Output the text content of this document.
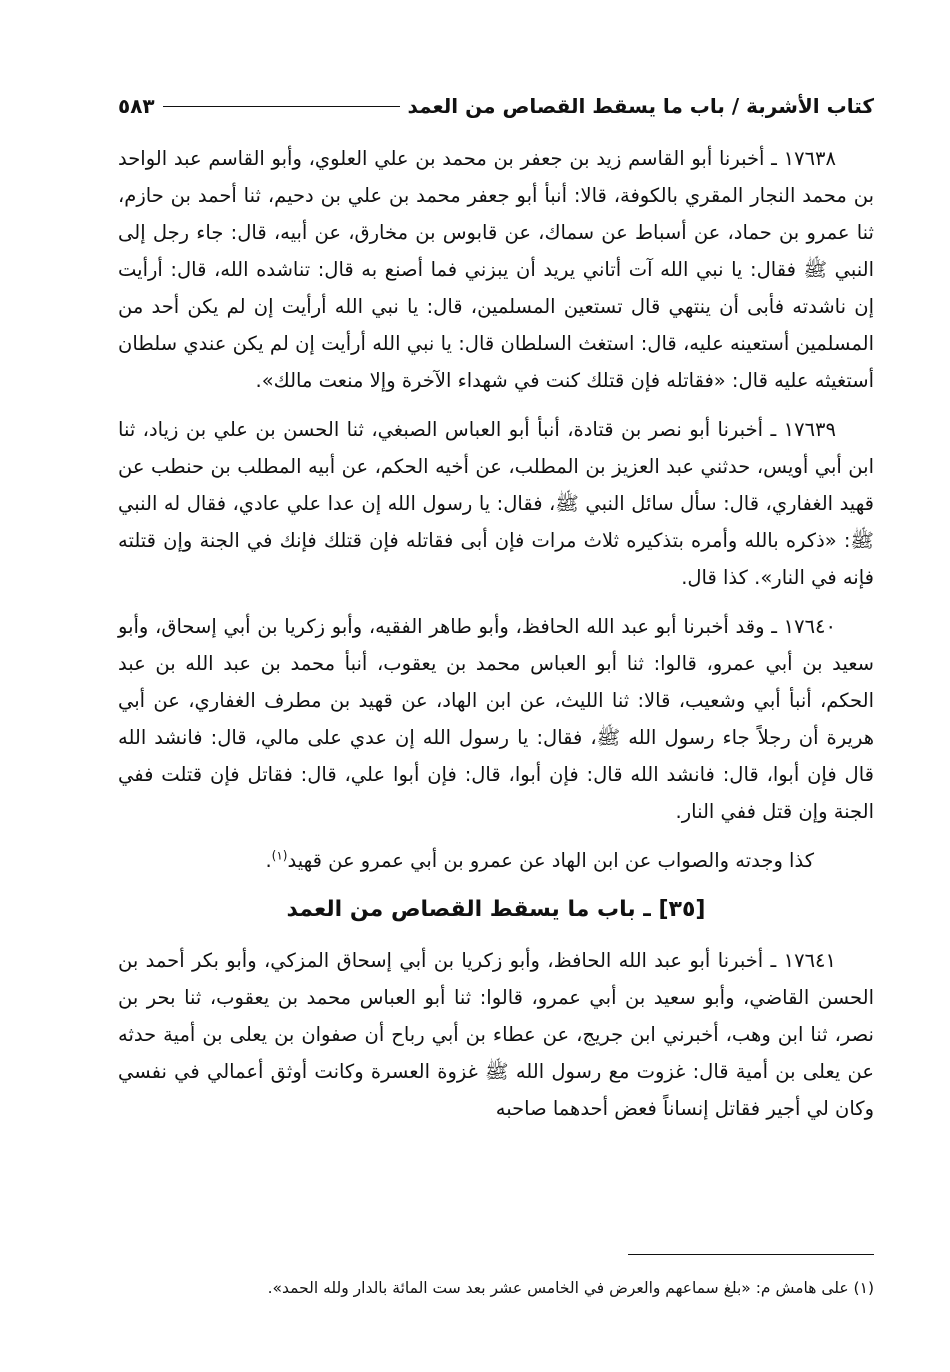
كتاب الأشربة / باب ما يسقط القصاص من العمد
٥٨٣

١٧٦٣٨ ـ أخبرنا أبو القاسم زيد بن جعفر بن محمد بن علي العلوي، وأبو القاسم عبد الواحد بن محمد النجار المقري بالكوفة، قالا: أنبأ أبو جعفر محمد بن علي بن دحيم، ثنا أحمد بن حازم، ثنا عمرو بن حماد، عن أسباط عن سماك، عن قابوس بن مخارق، عن أبيه، قال: جاء رجل إلى النبي ﷺ فقال: يا نبي الله آت أتاني يريد أن يبزني فما أصنع به قال: تناشده الله، قال: أرأيت إن ناشدته فأبى أن ينتهي قال تستعين المسلمين، قال: يا نبي الله أرأيت إن لم يكن أحد من المسلمين أستعينه عليه، قال: استغث السلطان قال: يا نبي الله أرأيت إن لم يكن عندي سلطان أستغيثه عليه قال: «فقاتله فإن قتلك كنت في شهداء الآخرة وإلا منعت مالك».

١٧٦٣٩ ـ أخبرنا أبو نصر بن قتادة، أنبأ أبو العباس الصبغي، ثنا الحسن بن علي بن زياد، ثنا ابن أبي أويس، حدثني عبد العزيز بن المطلب، عن أخيه الحكم، عن أبيه المطلب بن حنطب عن قهيد الغفاري، قال: سأل سائل النبي ﷺ، فقال: يا رسول الله إن عدا علي عادي، فقال له النبي ﷺ: «ذكره بالله وأمره بتذكيره ثلاث مرات فإن أبى فقاتله فإن قتلك فإنك في الجنة وإن قتلته فإنه في النار». كذا قال.

١٧٦٤٠ ـ وقد أخبرنا أبو عبد الله الحافظ، وأبو طاهر الفقيه، وأبو زكريا بن أبي إسحاق، وأبو سعيد بن أبي عمرو، قالوا: ثنا أبو العباس محمد بن يعقوب، أنبأ محمد بن عبد الله بن عبد الحكم، أنبأ أبي وشعيب، قالا: ثنا الليث، عن ابن الهاد، عن قهيد بن مطرف الغفاري، عن أبي هريرة أن رجلاً جاء رسول الله ﷺ، فقال: يا رسول الله إن عدي على مالي، قال: فانشد الله قال فإن أبوا، قال: فانشد الله قال: فإن أبوا، قال: فإن أبوا علي، قال: فقاتل فإن قتلت ففي الجنة وإن قتل ففي النار.

كذا وجدته والصواب عن ابن الهاد عن عمرو بن أبي عمرو عن قهيد$^{(١)}$.

[٣٥] ـ باب ما يسقط القصاص من العمد

١٧٦٤١ ـ أخبرنا أبو عبد الله الحافظ، وأبو زكريا بن أبي إسحاق المزكي، وأبو بكر أحمد بن الحسن القاضي، وأبو سعيد بن أبي عمرو، قالوا: ثنا أبو العباس محمد بن يعقوب، ثنا بحر بن نصر، ثنا ابن وهب، أخبرني ابن جريج، عن عطاء بن أبي رباح أن صفوان بن يعلى بن أمية حدثه عن يعلى بن أمية قال: غزوت مع رسول الله ﷺ غزوة العسرة وكانت أوثق أعمالي في نفسي وكان لي أجير فقاتل إنساناً فعض أحدهما صاحبه

(١) على هامش م: «بلغ سماعهم والعرض في الخامس عشر بعد ست المائة بالدار ولله الحمد».
